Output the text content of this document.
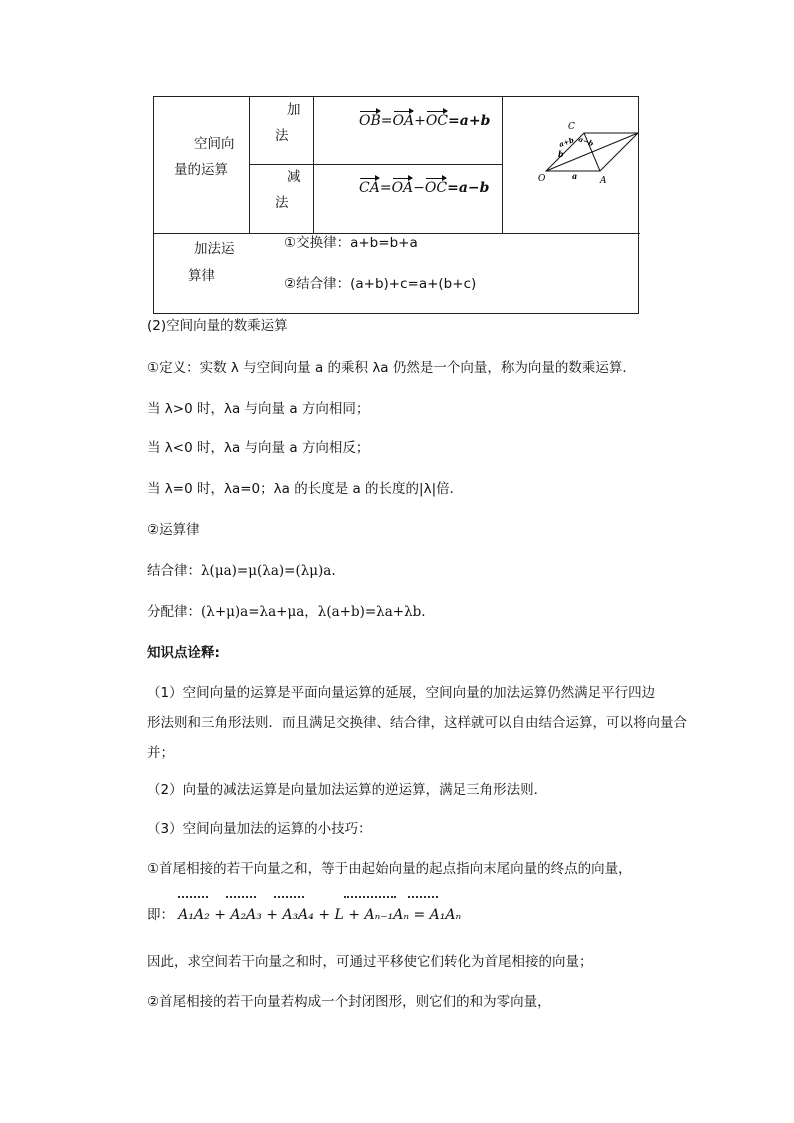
空间向
量的运算
加
法
减
法
OB=OA+OC=a+b
CA=OA−OC=a−b
C
O	A
b
a
a+b a−b
加法运
算律
①交换律：a+b=b+a
②结合律：(a+b)+c=a+(b+c)
(2)空间向量的数乘运算
①定义：实数 λ 与空间向量 a 的乘积 λa 仍然是一个向量，称为向量的数乘运算．
当 λ>0 时，λa 与向量 a 方向相同；
当 λ<0 时，λa 与向量 a 方向相反；
当 λ=0 时，λa=0；λa 的长度是 a 的长度的|λ|倍．
②运算律
结合律：λ(μa)=μ(λa)=(λμ)a.
分配律：(λ+μ)a=λa+μa，λ(a+b)=λa+λb.
知识点诠释:
（1）空间向量的运算是平面向量运算的延展，空间向量的加法运算仍然满足平行四边
形法则和三角形法则．而且满足交换律、结合律，这样就可以自由结合运算，可以将向量合
并；
（2）向量的减法运算是向量加法运算的逆运算，满足三角形法则．
（3）空间向量加法的运算的小技巧：
①首尾相接的若干向量之和，等于由起始向量的起点指向末尾向量的终点的向量，
即： A₁A₂ + A₂A₃ + A₃A₄ + L + Aₙ₋₁Aₙ = A₁Aₙ
因此，求空间若干向量之和时，可通过平移使它们转化为首尾相接的向量；
②首尾相接的若干向量若构成一个封闭图形，则它们的和为零向量，
